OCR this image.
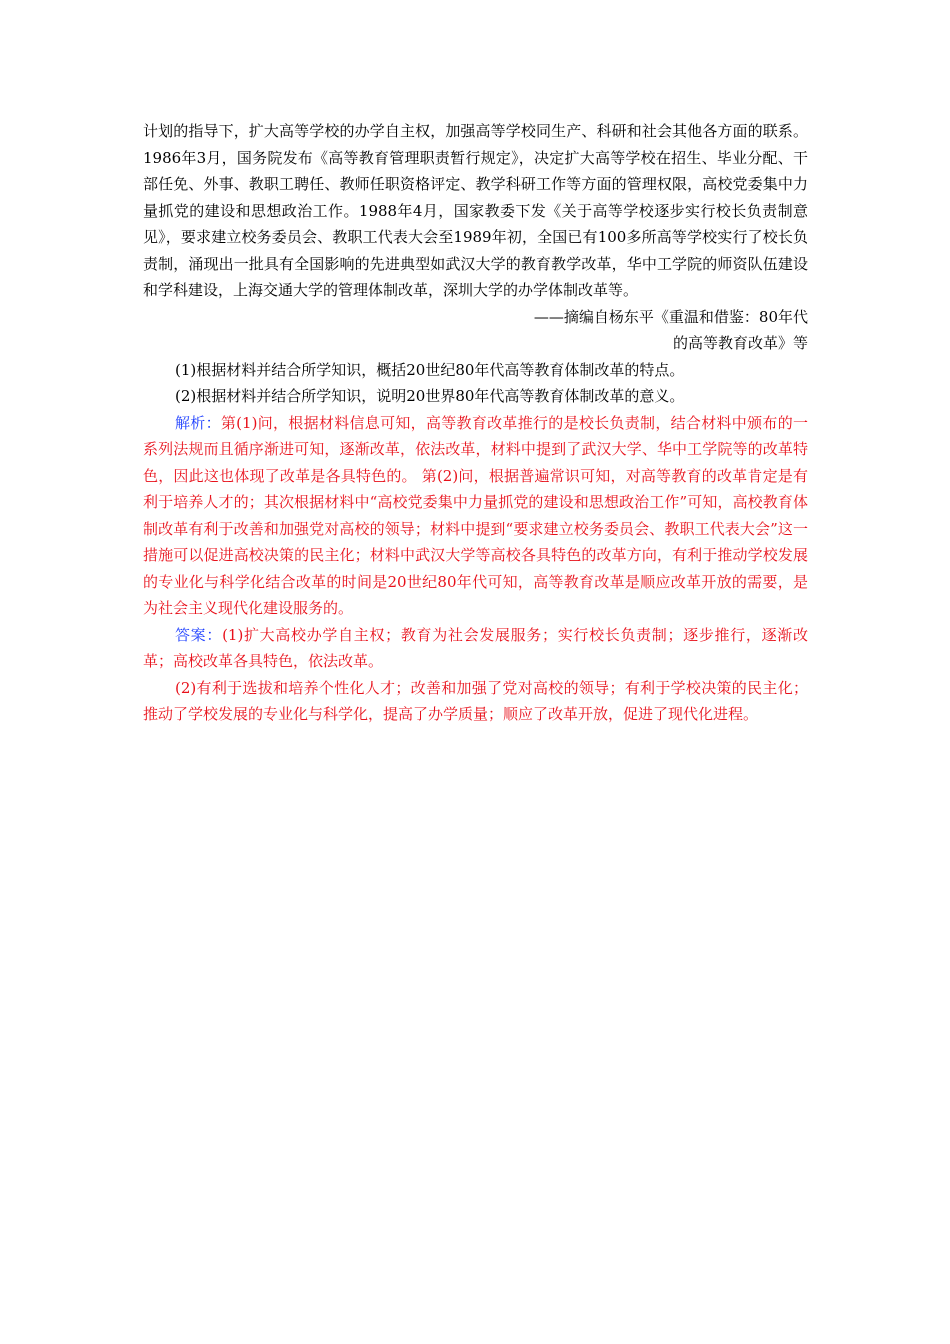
计划的指导下，扩大高等学校的办学自主权，加强高等学校同生产、科研和社会其他各方面的联系。1986年3月，国务院发布《高等教育管理职责暂行规定》，决定扩大高等学校在招生、毕业分配、干部任免、外事、教职工聘任、教师任职资格评定、教学科研工作等方面的管理权限，高校党委集中力量抓党的建设和思想政治工作。1988年4月，国家教委下发《关于高等学校逐步实行校长负责制意见》，要求建立校务委员会、教职工代表大会至1989年初，全国已有100多所高等学校实行了校长负责制，涌现出一批具有全国影响的先进典型如武汉大学的教育教学改革，华中工学院的师资队伍建设和学科建设，上海交通大学的管理体制改革，深圳大学的办学体制改革等。

——摘编自杨东平《重温和借鉴：80年代

的高等教育改革》等

(1)根据材料并结合所学知识，概括20世纪80年代高等教育体制改革的特点。

(2)根据材料并结合所学知识，说明20世界80年代高等教育体制改革的意义。

解析：第(1)问，根据材料信息可知，高等教育改革推行的是校长负责制，结合材料中颁布的一系列法规而且循序渐进可知，逐渐改革，依法改革，材料中提到了武汉大学、华中工学院等的改革特色，因此这也体现了改革是各具特色的。 第(2)问，根据普遍常识可知，对高等教育的改革肯定是有利于培养人才的；其次根据材料中“高校党委集中力量抓党的建设和思想政治工作”可知，高校教育体制改革有利于改善和加强党对高校的领导；材料中提到“要求建立校务委员会、教职工代表大会”这一措施可以促进高校决策的民主化；材料中武汉大学等高校各具特色的改革方向，有利于推动学校发展的专业化与科学化结合改革的时间是20世纪80年代可知，高等教育改革是顺应改革开放的需要，是为社会主义现代化建设服务的。

答案：(1)扩大高校办学自主权；教育为社会发展服务；实行校长负责制；逐步推行，逐渐改革；高校改革各具特色，依法改革。

(2)有利于选拔和培养个性化人才；改善和加强了党对高校的领导；有利于学校决策的民主化；推动了学校发展的专业化与科学化，提高了办学质量；顺应了改革开放，促进了现代化进程。
